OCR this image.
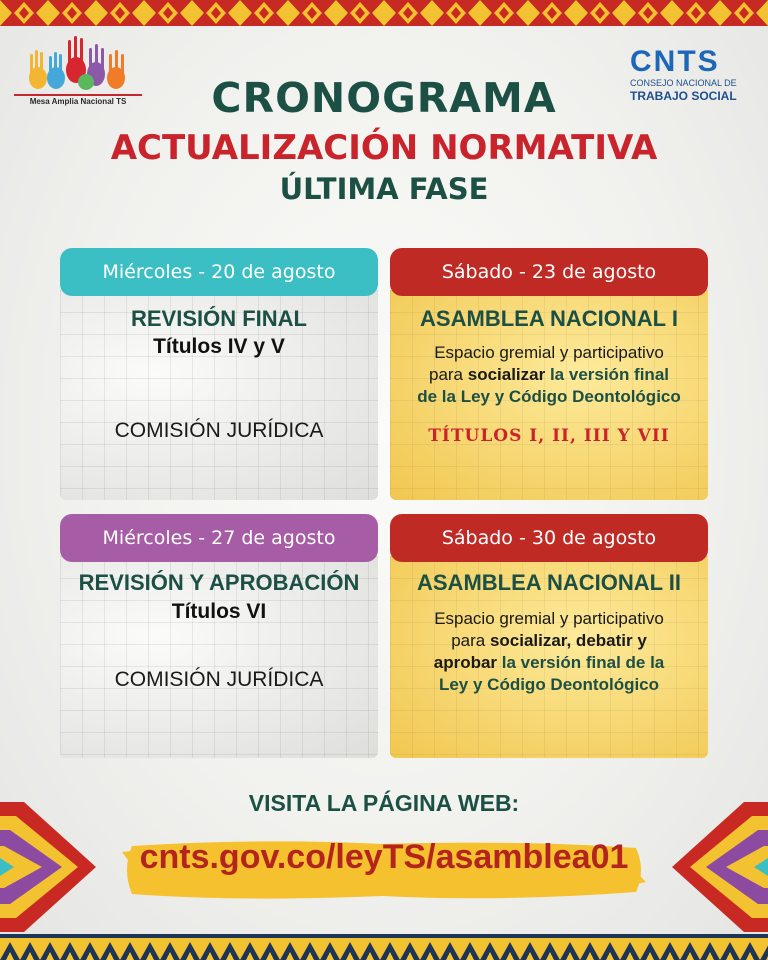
Mesa Amplia Nacional TS
CNTS
CONSEJO NACIONAL DE
TRABAJO SOCIAL
CRONOGRAMA
ACTUALIZACIÓN NORMATIVA
ÚLTIMA FASE
Miércoles - 20 de agosto
REVISIÓN FINAL
Títulos IV y V
COMISIÓN JURÍDICA
Sábado - 23 de agosto
ASAMBLEA NACIONAL I
Espacio gremial y participativo
para socializar la versión final
de la Ley y Código Deontológico
TÍTULOS I, II, III Y VII
Miércoles - 27 de agosto
REVISIÓN Y APROBACIÓN
Títulos VI
COMISIÓN JURÍDICA
Sábado - 30 de agosto
ASAMBLEA NACIONAL II
Espacio gremial y participativo
para socializar, debatir y
aprobar la versión final de la
Ley y Código Deontológico
VISITA LA PÁGINA WEB:
cnts.gov.co/leyTS/asamblea01
